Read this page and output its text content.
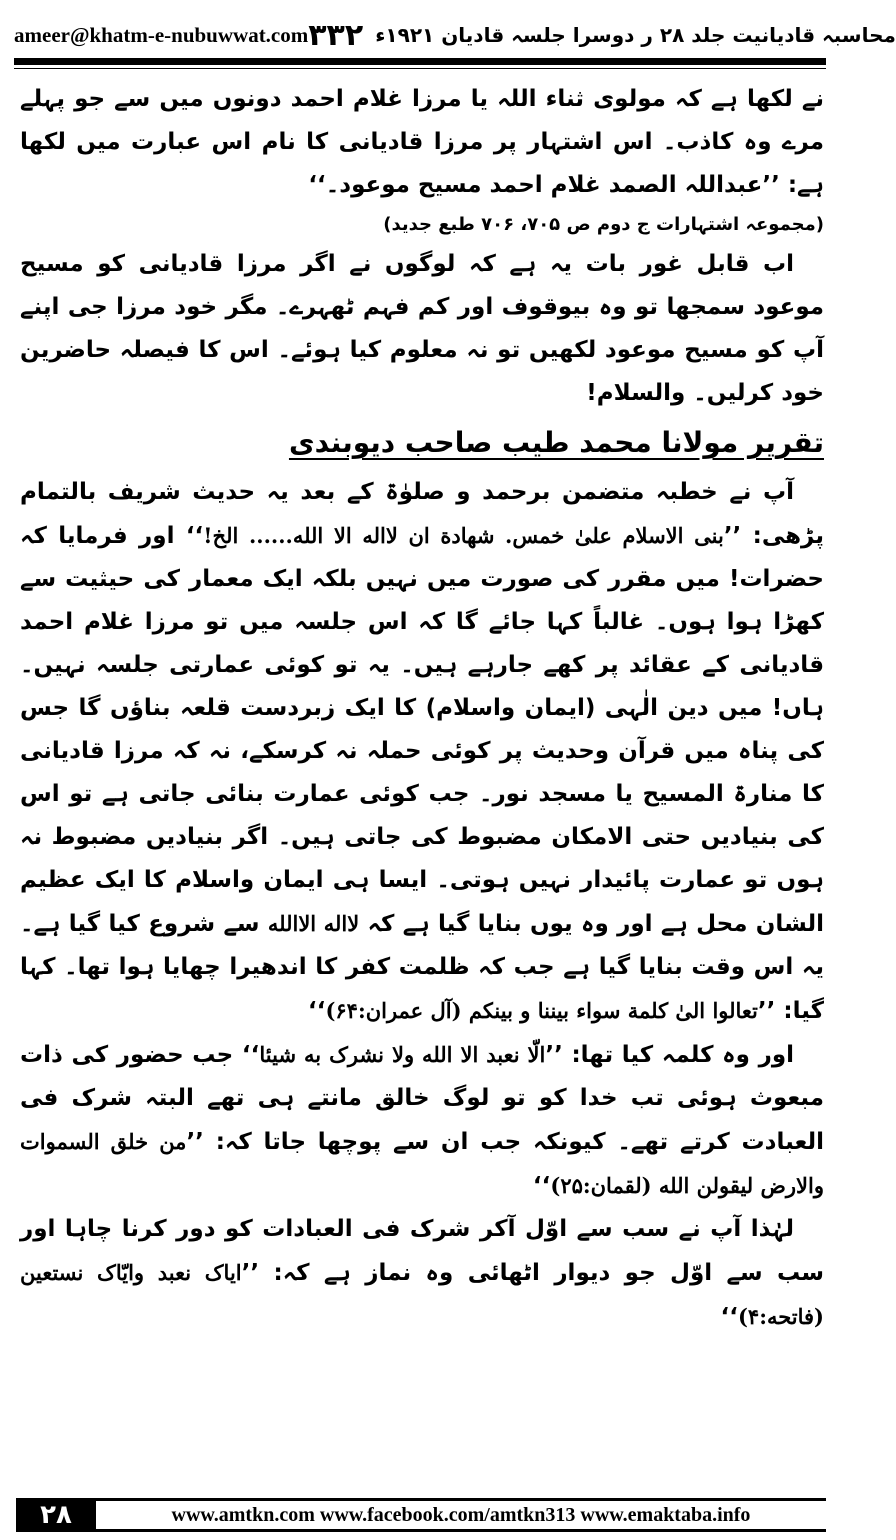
ameer@khatm-e-nubuwwat.com	محاسبہ قادیانیت جلد ۲۸ ر دوسرا جلسہ قادیان ۱۹۲۱ء
۳۳۲

نے لکھا ہے کہ مولوی ثناء اللہ یا مرزا غلام احمد دونوں میں سے جو پہلے مرے وہ کاذب۔ اس اشتہار پر مرزا قادیانی کا نام اس عبارت میں لکھا ہے: ’’عبداللہ الصمد غلام احمد مسیح موعود۔‘‘

(مجموعہ اشتہارات ج دوم ص ۷۰۵، ۷۰۶ طبع جدید)

اب قابل غور بات یہ ہے کہ لوگوں نے اگر مرزا قادیانی کو مسیح موعود سمجھا تو وہ بیوقوف اور کم فہم ٹھہرے۔ مگر خود مرزا جی اپنے آپ کو مسیح موعود لکھیں تو نہ معلوم کیا ہوئے۔ اس کا فیصلہ حاضرین خود کرلیں۔ والسلام!

تقریر مولانا محمد طیب صاحب دیوبندی

آپ نے خطبہ متضمن برحمد و صلوٰۃ کے بعد یہ حدیث شریف بالتمام پڑھی: ’’بنی الاسلام علیٰ خمس. شهادة ان لااله الا الله...... الخ!‘‘ اور فرمایا کہ حضرات! میں مقرر کی صورت میں نہیں بلکہ ایک معمار کی حیثیت سے کھڑا ہوا ہوں۔ غالباً کہا جائے گا کہ اس جلسہ میں تو مرزا غلام احمد قادیانی کے عقائد پر کھے جارہے ہیں۔ یہ تو کوئی عمارتی جلسہ نہیں۔ ہاں! میں دین الٰہی (ایمان واسلام) کا ایک زبردست قلعہ بناؤں گا جس کی پناہ میں قرآن وحدیث پر کوئی حملہ نہ کرسکے، نہ کہ مرزا قادیانی کا منارۃ المسیح یا مسجد نور۔ جب کوئی عمارت بنائی جاتی ہے تو اس کی بنیادیں حتی الامکان مضبوط کی جاتی ہیں۔ اگر بنیادیں مضبوط نہ ہوں تو عمارت پائیدار نہیں ہوتی۔ ایسا ہی ایمان واسلام کا ایک عظیم الشان محل ہے اور وہ یوں بنایا گیا ہے کہ لااله الاالله سے شروع کیا گیا ہے۔ یہ اس وقت بنایا گیا ہے جب کہ ظلمت کفر کا اندھیرا چھایا ہوا تھا۔ کہا گیا: ’’تعالوا الیٰ کلمة سواء بیننا و بینکم (آل عمران:۶۴)‘‘

اور وہ کلمہ کیا تھا: ’’الّا نعبد الا الله ولا نشرک به شیئا‘‘ جب حضور کی ذات مبعوث ہوئی تب خدا کو تو لوگ خالق مانتے ہی تھے البتہ شرک فی العبادت کرتے تھے۔ کیونکہ جب ان سے پوچھا جاتا کہ: ’’من خلق السموات والارض لیقولن الله (لقمان:۲۵)‘‘

لہٰذا آپ نے سب سے اوّل آکر شرک فی العبادات کو دور کرنا چاہا اور سب سے اوّل جو دیوار اٹھائی وہ نماز ہے کہ: ’’ایاک نعبد وایّاک نستعین (فاتحه:۴)‘‘

۲۸	www.amtkn.com www.facebook.com/amtkn313 www.emaktaba.info
